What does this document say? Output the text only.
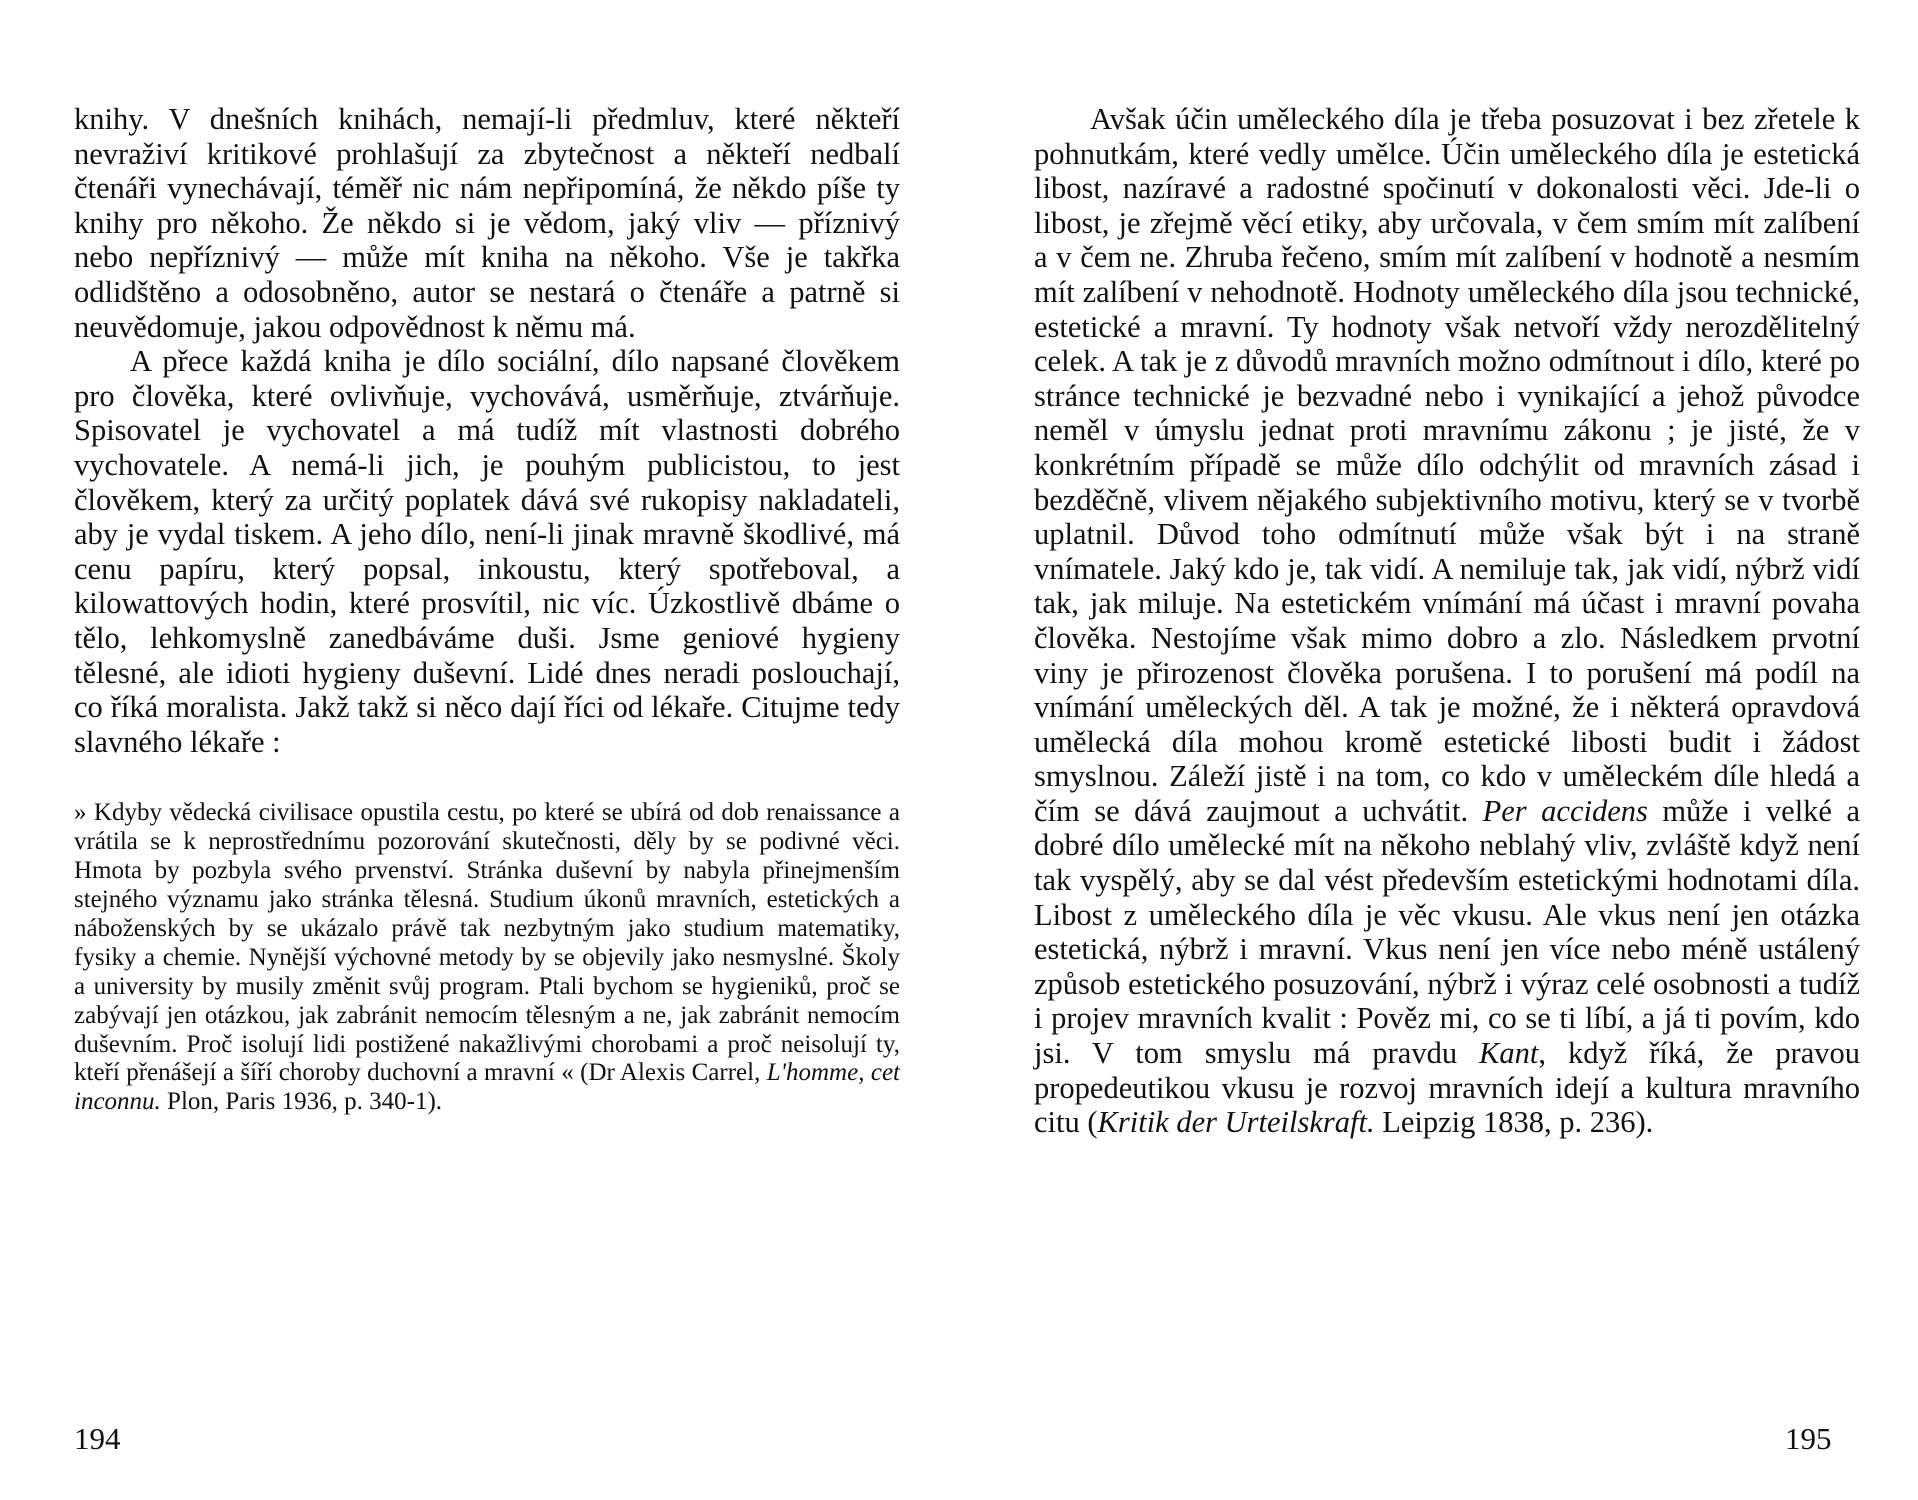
knihy. V dnešních knihách, nemají-li předmluv, které někteří nevraživí kritikové prohlašují za zbytečnost a někteří nedbalí čtenáři vynechávají, téměř nic nám nepřipomíná, že někdo píše ty knihy pro někoho. Že někdo si je vědom, jaký vliv — příznivý nebo nepříznivý — může mít kniha na někoho. Vše je takřka odlidštěno a odosobněno, autor se nestará o čtenáře a patrně si neuvědomuje, jakou odpovědnost k němu má.

A přece každá kniha je dílo sociální, dílo napsané člověkem pro člověka, které ovlivňuje, vychovává, usměrňuje, ztvárňuje. Spisovatel je vychovatel a má tudíž mít vlastnosti dobrého vychovatele. A nemá-li jich, je pouhým publicistou, to jest člověkem, který za určitý poplatek dává své rukopisy nakladateli, aby je vydal tiskem. A jeho dílo, není-li jinak mravně škodlivé, má cenu papíru, který popsal, inkoustu, který spotřeboval, a kilowattových hodin, které prosvítil, nic víc. Úzkostlivě dbáme o tělo, lehkomyslně zanedbáváme duši. Jsme geniové hygieny tělesné, ale idioti hygieny duševní. Lidé dnes neradi poslouchají, co říká moralista. Jakž takž si něco dají říci od lékaře. Citujme tedy slavného lékaře :

» Kdyby vědecká civilisace opustila cestu, po které se ubírá od dob renaissance a vrátila se k neprostřednímu pozorování skutečnosti, děly by se podivné věci. Hmota by pozbyla svého prvenství. Stránka duševní by nabyla přinejmenším stejného významu jako stránka tělesná. Studium úkonů mravních, estetických a náboženských by se ukázalo právě tak nezbytným jako studium matematiky, fysiky a chemie. Nynější výchovné metody by se objevily jako nesmyslné. Školy a university by musily změnit svůj program. Ptali bychom se hygieniků, proč se zabývají jen otázkou, jak zabránit nemocím tělesným a ne, jak zabránit nemocím duševním. Proč isolují lidi postižené nakažlivými chorobami a proč neisolují ty, kteří přenášejí a šíří choroby duchovní a mravní « (Dr Alexis Carrel, L'homme, cet inconnu. Plon, Paris 1936, p. 340-1).

194

Avšak účin uměleckého díla je třeba posuzovat i bez zřetele k pohnutkám, které vedly umělce. Účin uměleckého díla je estetická libost, nazíravé a radostné spočinutí v dokonalosti věci. Jde-li o libost, je zřejmě věcí etiky, aby určovala, v čem smím mít zalíbení a v čem ne. Zhruba řečeno, smím mít zalíbení v hodnotě a nesmím mít zalíbení v nehodnotě. Hodnoty uměleckého díla jsou technické, estetické a mravní. Ty hodnoty však netvoří vždy nerozdělitelný celek. A tak je z důvodů mravních možno odmítnout i dílo, které po stránce technické je bezvadné nebo i vynikající a jehož původce neměl v úmyslu jednat proti mravnímu zákonu ; je jisté, že v konkrétním případě se může dílo odchýlit od mravních zásad i bezděčně, vlivem nějakého subjektivního motivu, který se v tvorbě uplatnil. Důvod toho odmítnutí může však být i na straně vnímatele. Jaký kdo je, tak vidí. A nemiluje tak, jak vidí, nýbrž vidí tak, jak miluje. Na estetickém vnímání má účast i mravní povaha člověka. Nestojíme však mimo dobro a zlo. Následkem prvotní viny je přirozenost člověka porušena. I to porušení má podíl na vnímání uměleckých děl. A tak je možné, že i některá opravdová umělecká díla mohou kromě estetické libosti budit i žádost smyslnou. Záleží jistě i na tom, co kdo v uměleckém díle hledá a čím se dává zaujmout a uchvátit. Per accidens může i velké a dobré dílo umělecké mít na někoho neblahý vliv, zvláště když není tak vyspělý, aby se dal vést především estetickými hodnotami díla. Libost z uměleckého díla je věc vkusu. Ale vkus není jen otázka estetická, nýbrž i mravní. Vkus není jen více nebo méně ustálený způsob estetického posuzování, nýbrž i výraz celé osobnosti a tudíž i projev mravních kvalit : Pověz mi, co se ti líbí, a já ti povím, kdo jsi. V tom smyslu má pravdu Kant, když říká, že pravou propedeutikou vkusu je rozvoj mravních idejí a kultura mravního citu (Kritik der Urteilskraft. Leipzig 1838, p. 236).

195
